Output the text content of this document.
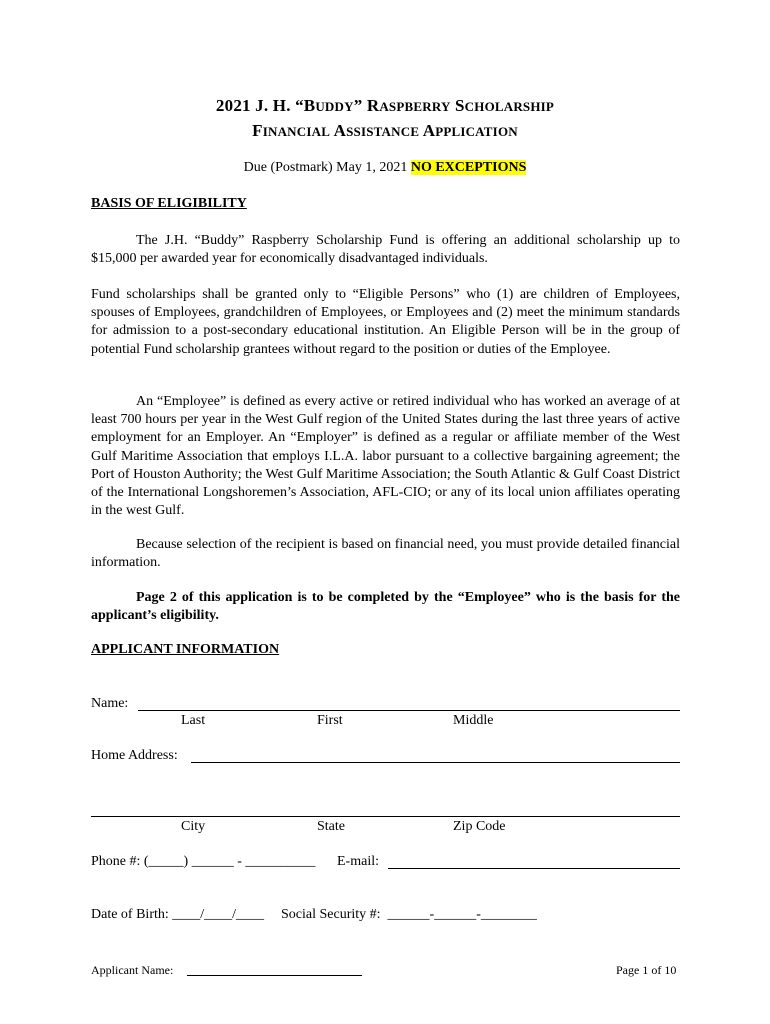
2021 J. H. “BUDDY” RASPBERRY SCHOLARSHIP
FINANCIAL ASSISTANCE APPLICATION
Due (Postmark) May 1, 2021 NO EXCEPTIONS
BASIS OF ELIGIBILITY
The J.H. “Buddy” Raspberry Scholarship Fund is offering an additional scholarship up to $15,000 per awarded year for economically disadvantaged individuals.
Fund scholarships shall be granted only to “Eligible Persons” who (1) are children of Employees, spouses of Employees, grandchildren of Employees, or Employees and (2) meet the minimum standards for admission to a post-secondary educational institution. An Eligible Person will be in the group of potential Fund scholarship grantees without regard to the position or duties of the Employee.
An “Employee” is defined as every active or retired individual who has worked an average of at least 700 hours per year in the West Gulf region of the United States during the last three years of active employment for an Employer. An “Employer” is defined as a regular or affiliate member of the West Gulf Maritime Association that employs I.L.A. labor pursuant to a collective bargaining agreement; the Port of Houston Authority; the West Gulf Maritime Association; the South Atlantic & Gulf Coast District of the International Longshoremen’s Association, AFL-CIO; or any of its local union affiliates operating in the west Gulf.
Because selection of the recipient is based on financial need, you must provide detailed financial information.
Page 2 of this application is to be completed by the “Employee” who is the basis for the applicant’s eligibility.
APPLICANT INFORMATION
Name:
Last	First	Middle
Home Address:
City	State	Zip Code
Phone #: (_____) ______ - __________ E-mail:
Date of Birth: ____/____/____ Social Security #:  ______-______-________
Applicant Name:	Page 1 of 10
